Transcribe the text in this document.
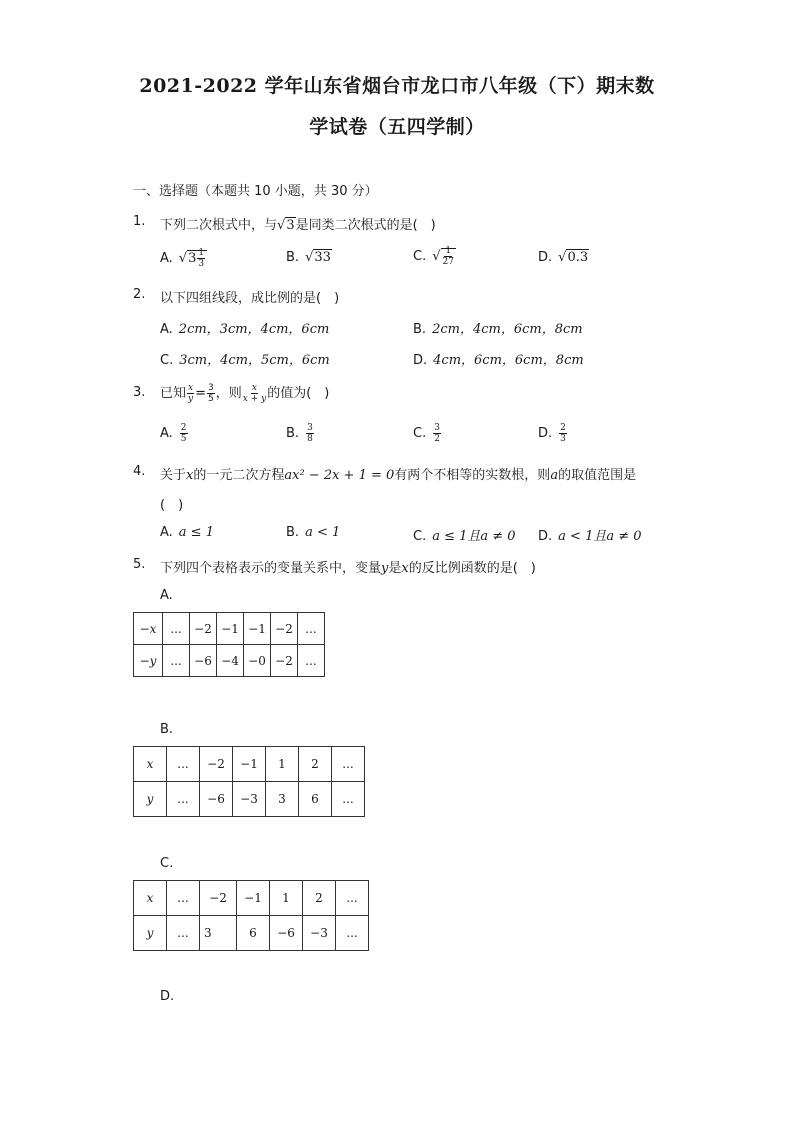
2021-2022 学年山东省烟台市龙口市八年级（下）期末数
学试卷（五四学制）
一、选择题（本题共 10 小题，共 30 分）
1. 下列二次根式中，与√3是同类二次根式的是(　)
A. $√3 \frac{1}{3}$	B. √33	C. √ $\frac{1}{27}$	D. √0.3
2. 以下四组线段，成比例的是(　)
A. 2cm，3cm，4cm，6cm	B. 2cm，4cm，6cm，8cm
C. 3cm，4cm，5cm，6cm	D. 4cm，6cm，6cm，8cm
3. 已知 $\frac{x}{y} = \frac{3}{5}$ ，则 $\frac{x}{x + y}$ 的值为(　)
A. $\frac{2}{5}$	B. $\frac{3}{8}$	C. $\frac{3}{2}$	D. $\frac{2}{3}$
4. 关于x的一元二次方程ax² − 2x + 1 = 0有两个不相等的实数根，则a的取值范围是
(　)
A. a ≤ 1	B. a < 1	C. a ≤ 1且a ≠ 0 D. a < 1且a ≠ 0
5. 下列四个表格表示的变量关系中，变量y是x的反比例函数的是(　)
A.
−x	...	−2	−1	−1	−2	...
−y	...	−6	−4	−0	−2	...
B.
x	...	−2	−1	1	2	...
y	...	−6	−3	3	6	...
C.
x	...	−2	−1	1	2	...
y	...	3	6	−6	−3	...
D.
